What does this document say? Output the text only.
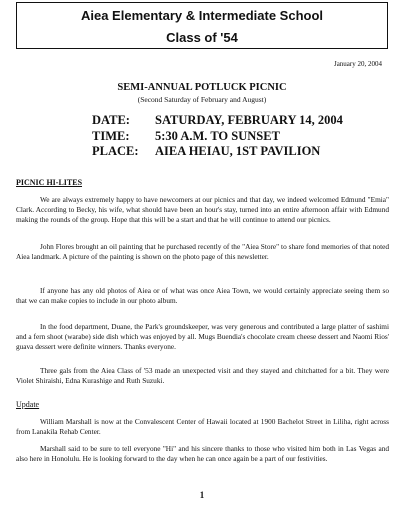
Aiea Elementary & Intermediate School
Class of '54
January 20, 2004
SEMI-ANNUAL POTLUCK PICNIC
(Second Saturday of February and August)
DATE:	SATURDAY, FEBRUARY 14, 2004
TIME:	5:30 A.M. TO SUNSET
PLACE:	AIEA HEIAU, 1ST PAVILION
PICNIC HI-LITES

We are always extremely happy to have newcomers at our picnics and that day, we indeed welcomed Edmund "Emia" Clark. According to Becky, his wife, what should have been an hour's stay, turned into an entire afternoon affair with Edmund making the rounds of the group. Hope that this will be a start and that he will continue to attend our picnics.

John Flores brought an oil painting that he purchased recently of the "Aiea Store" to share fond memories of that noted Aiea landmark. A picture of the painting is shown on the photo page of this newsletter.

If anyone has any old photos of Aiea or of what was once Aiea Town, we would certainly appreciate seeing them so that we can make copies to include in our photo album.

In the food department, Duane, the Park's groundskeeper, was very generous and contributed a large platter of sashimi and a fern shoot (warabe) side dish which was enjoyed by all. Mugs Buendia's chocolate cream cheese dessert and Naomi Rios' guava dessert were definite winners. Thanks everyone.

Three gals from the Aiea Class of '53 made an unexpected visit and they stayed and chitchatted for a bit. They were Violet Shiraishi, Edna Kurashige and Ruth Suzuki.

Update

William Marshall is now at the Convalescent Center of Hawaii located at 1900 Bachelot Street in Liliha, right across from Lanakila Rehab Center.

Marshall said to be sure to tell everyone "Hi" and his sincere thanks to those who visited him both in Las Vegas and also here in Honolulu. He is looking forward to the day when he can once again be a part of our festivities.

1
